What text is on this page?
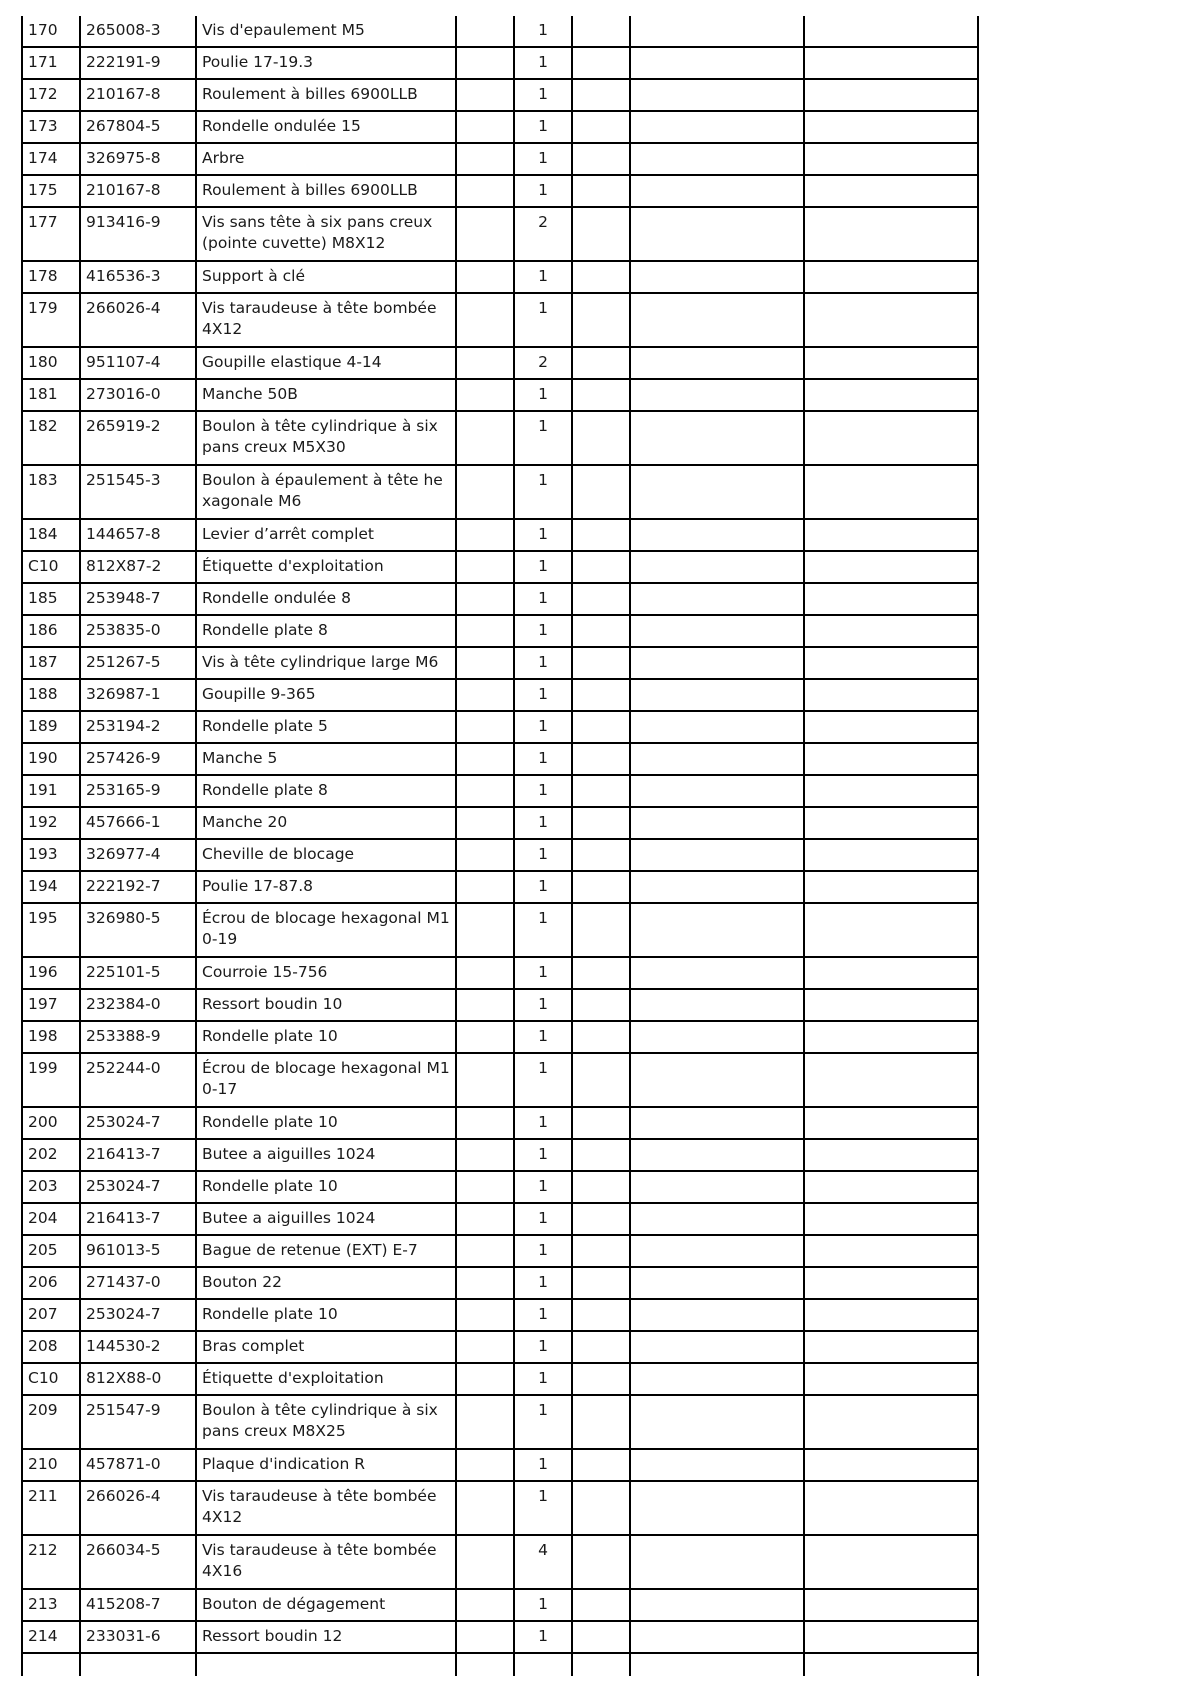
170	265008-3	Vis d'epaulement M5		1			
171	222191-9	Poulie 17-19.3		1			
172	210167-8	Roulement à billes 6900LLB		1			
173	267804-5	Rondelle ondulée 15		1			
174	326975-8	Arbre		1			
175	210167-8	Roulement à billes 6900LLB		1			
177	913416-9	Vis sans tête à six pans creux (pointe cuvette) M8X12		2			
178	416536-3	Support à clé		1			
179	266026-4	Vis taraudeuse à tête bombée 4X12		1			
180	951107-4	Goupille elastique 4-14		2			
181	273016-0	Manche 50B		1			
182	265919-2	Boulon à tête cylindrique à six pans creux M5X30		1			
183	251545-3	Boulon à épaulement à tête hexagonale M6		1			
184	144657-8	Levier d’arrêt complet		1			
C10	812X87-2	Étiquette d'exploitation		1			
185	253948-7	Rondelle ondulée 8		1			
186	253835-0	Rondelle plate 8		1			
187	251267-5	Vis à tête cylindrique large M6		1			
188	326987-1	Goupille 9-365		1			
189	253194-2	Rondelle plate 5		1			
190	257426-9	Manche 5		1			
191	253165-9	Rondelle plate 8		1			
192	457666-1	Manche 20		1			
193	326977-4	Cheville de blocage		1			
194	222192-7	Poulie 17-87.8		1			
195	326980-5	Écrou de blocage hexagonal M10-19		1			
196	225101-5	Courroie 15-756		1			
197	232384-0	Ressort boudin 10		1			
198	253388-9	Rondelle plate 10		1			
199	252244-0	Écrou de blocage hexagonal M10-17		1			
200	253024-7	Rondelle plate 10		1			
202	216413-7	Butee a aiguilles 1024		1			
203	253024-7	Rondelle plate 10		1			
204	216413-7	Butee a aiguilles 1024		1			
205	961013-5	Bague de retenue (EXT) E-7		1			
206	271437-0	Bouton 22		1			
207	253024-7	Rondelle plate 10		1			
208	144530-2	Bras complet		1			
C10	812X88-0	Étiquette d'exploitation		1			
209	251547-9	Boulon à tête cylindrique à six pans creux M8X25		1			
210	457871-0	Plaque d'indication R		1			
211	266026-4	Vis taraudeuse à tête bombée 4X12		1			
212	266034-5	Vis taraudeuse à tête bombée 4X16		4			
213	415208-7	Bouton de dégagement		1			
214	233031-6	Ressort boudin 12		1			
